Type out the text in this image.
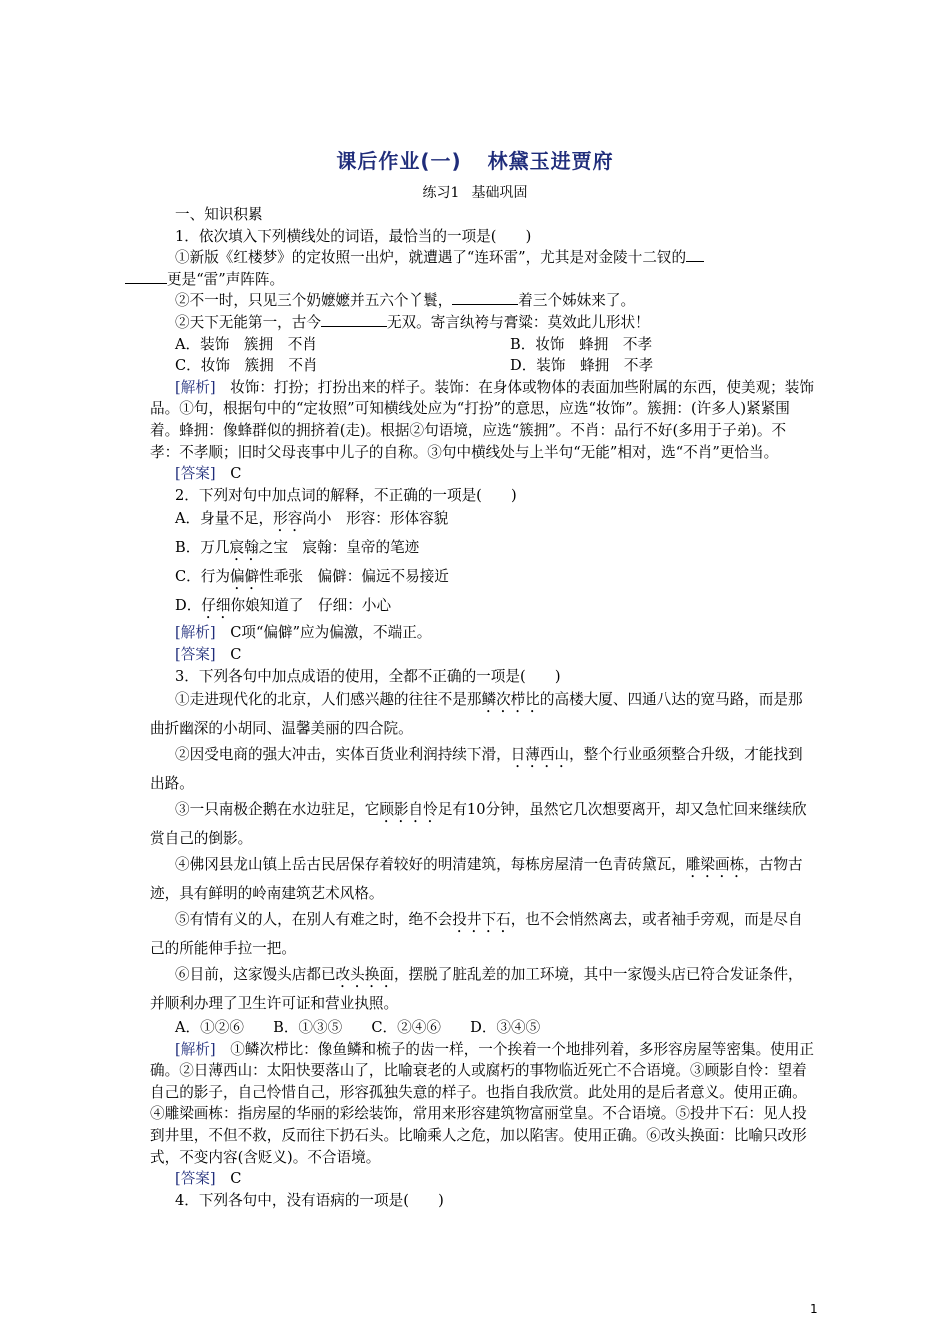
课后作业(一) 林黛玉进贾府
练习1 基础巩固

一、知识积累

1．依次填入下列横线处的词语，最恰当的一项是(　　)

①新版《红楼梦》的定妆照一出炉，就遭遇了“连环雷”，尤其是对金陵十二钗的
更是“雷”声阵阵。

②不一时，只见三个奶嬷嬷并五六个丫鬟，	着三个姊妹来了。

②天下无能第一，古今	无双。寄言纨袴与膏粱：莫效此儿形状！

A．装饰　簇拥　不肖	B．妆饰　蜂拥　不孝
C．妆饰　簇拥　不肖	D．装饰　蜂拥　不孝

[解析]　 妆饰：打扮；打扮出来的样子。装饰：在身体或物体的表面加些附属的东西，使美观；装饰品。①句，根据句中的“定妆照”可知横线处应为“打扮”的意思，应选“妆饰”。簇拥：(许多人)紧紧围着。蜂拥：像蜂群似的拥挤着(走)。根据②句语境，应选“簇拥”。不肖：品行不好(多用于子弟)。不孝：不孝顺；旧时父母丧事中儿子的自称。③句中横线处与上半句“无能”相对，选“不肖”更恰当。

[答案]　 C

2．下列对句中加点词的解释，不正确的一项是(　　)

A．身量不足，形容尚小　形容：形体容貌

B．万几宸翰之宝　宸翰：皇帝的笔迹

C．行为偏僻性乖张　偏僻：偏远不易接近

D．仔细你娘知道了　仔细：小心

[解析]　 C项“偏僻”应为偏激，不端正。

[答案]　 C

3．下列各句中加点成语的使用，全都不正确的一项是(　　)

①走进现代化的北京，人们感兴趣的往往不是那鳞次栉比的高楼大厦、四通八达的宽马路，而是那曲折幽深的小胡同、温馨美丽的四合院。

②因受电商的强大冲击，实体百货业利润持续下滑，日薄西山，整个行业亟须整合升级，才能找到出路。

③一只南极企鹅在水边驻足，它顾影自怜足有10分钟，虽然它几次想要离开，却又急忙回来继续欣赏自己的倒影。

④佛冈县龙山镇上岳古民居保存着较好的明清建筑，每栋房屋清一色青砖黛瓦，雕梁画栋，古物古迹，具有鲜明的岭南建筑艺术风格。

⑤有情有义的人，在别人有难之时，绝不会投井下石，也不会悄然离去，或者袖手旁观，而是尽自己的所能伸手拉一把。

⑥目前，这家馒头店都已改头换面，摆脱了脏乱差的加工环境，其中一家馒头店已符合发证条件，并顺利办理了卫生许可证和营业执照。

A．①②⑥　　B．①③⑤　　C．②④⑥　　D．③④⑤

[解析]　 ①鳞次栉比：像鱼鳞和梳子的齿一样，一个挨着一个地排列着，多形容房屋等密集。使用正确。②日薄西山：太阳快要落山了，比喻衰老的人或腐朽的事物临近死亡不合语境。③顾影自怜：望着自己的影子，自己怜惜自己，形容孤独失意的样子。也指自我欣赏。此处用的是后者意义。使用正确。④雕梁画栋：指房屋的华丽的彩绘装饰，常用来形容建筑物富丽堂皇。不合语境。⑤投井下石：见人投到井里，不但不救，反而往下扔石头。比喻乘人之危，加以陷害。使用正确。⑥改头换面：比喻只改形式，不变内容(含贬义)。不合语境。

[答案]　 C

4．下列各句中，没有语病的一项是(　　)

1
